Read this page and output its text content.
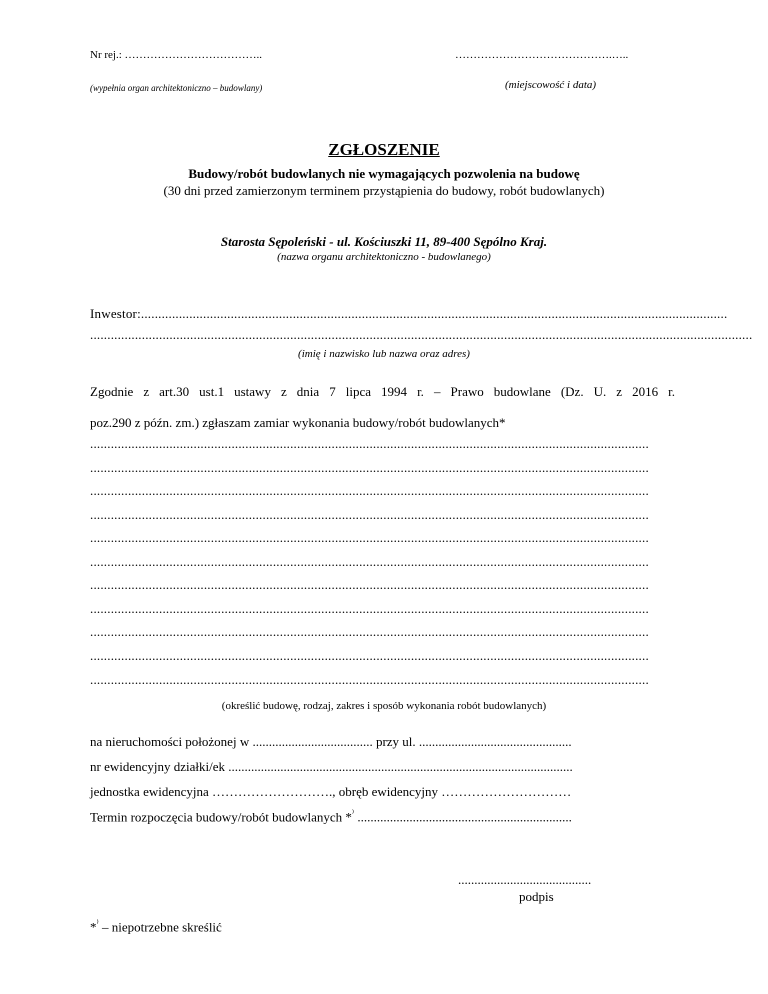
Nr rej.: ………………………………..	…………………………………….…..
(wypełnia organ architektoniczno – budowlany)	(miejscowość i data)
ZGŁOSZENIE
Budowy/robót budowlanych nie wymagających pozwolenia na budowę
(30 dni przed zamierzonym terminem przystąpienia do budowy, robót budowlanych)
Starosta Sępoleński - ul. Kościuszki 11, 89-400 Sępólno Kraj.
(nazwa organu architektoniczno - budowlanego)
Inwestor:..........................................................................................................................................................................
................................................................................................................................................................................................
(imię i nazwisko lub nazwa oraz adres)
Zgodnie z art.30 ust.1 ustawy z dnia 7 lipca 1994 r. – Prawo budowlane (Dz. U. z 2016 r.
poz.290 z późn. zm.) zgłaszam zamiar wykonania budowy/robót budowlanych*
..................................................................................................................................................................
..................................................................................................................................................................
..................................................................................................................................................................
..................................................................................................................................................................
..................................................................................................................................................................
..................................................................................................................................................................
..................................................................................................................................................................
..................................................................................................................................................................
..................................................................................................................................................................
..................................................................................................................................................................
..................................................................................................................................................................
(określić budowę, rodzaj, zakres i sposób wykonania robót budowlanych)
na nieruchomości położonej w ..................................... przy ul. ...............................................
nr ewidencyjny działki/ek ..........................................................................................................
jednostka ewidencyjna ………………………., obręb ewidencyjny …………………………
Termin rozpoczęcia budowy/robót budowlanych *⁾ ..................................................................
.........................................
podpis
*⁾ – niepotrzebne skreślić
